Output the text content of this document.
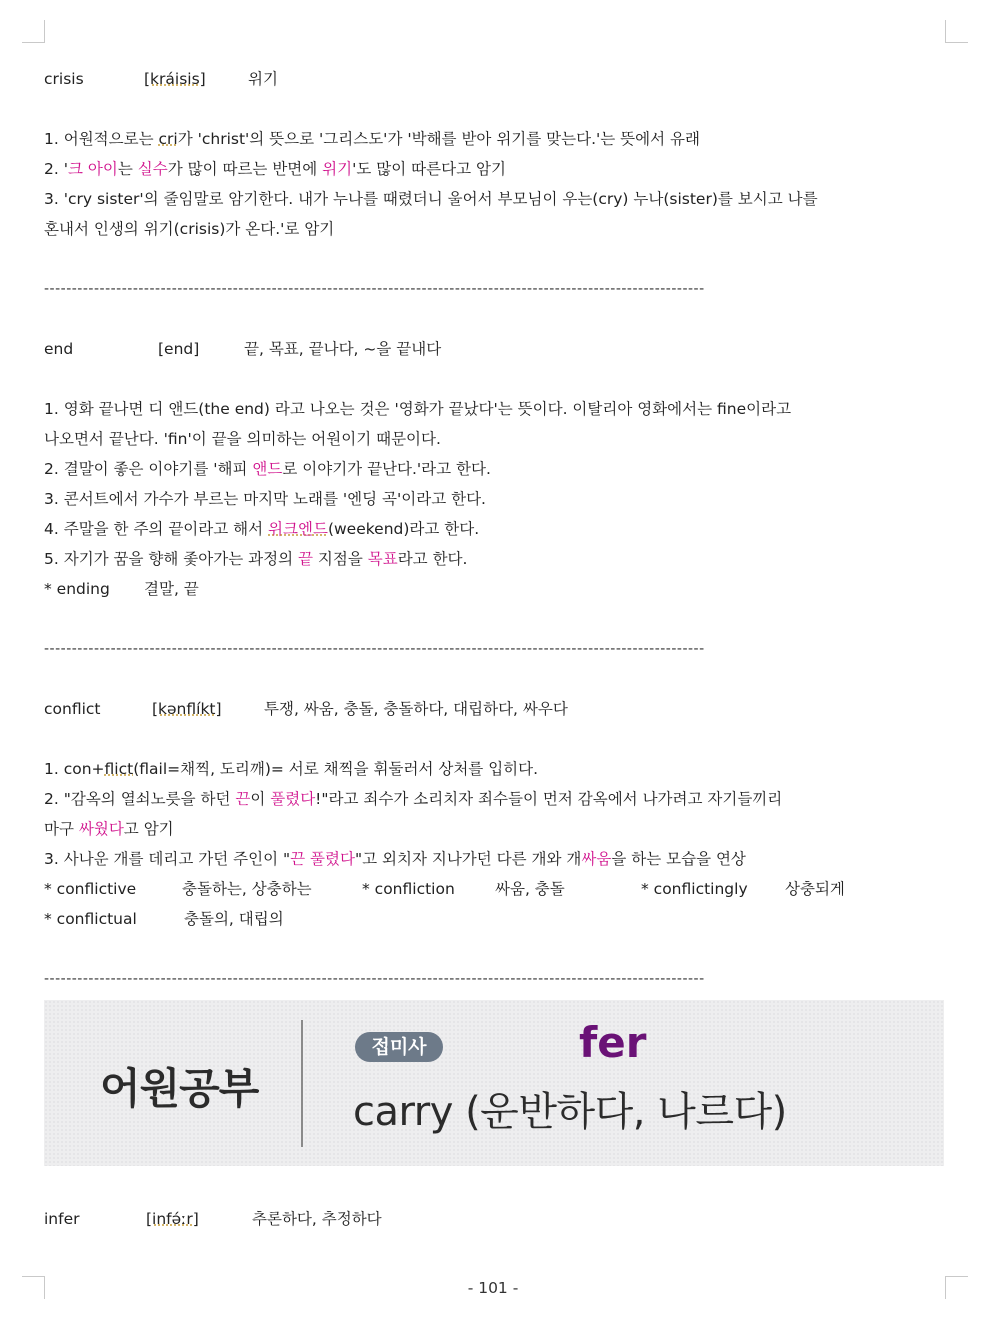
crisis	[kráisis]	위기
1. 어원적으로는 cri가 'christ'의 뜻으로 '그리스도'가 '박해를 받아 위기를 맞는다.'는 뜻에서 유래
2. '크 아이는 실수가 많이 따르는 반면에 위기'도 많이 따른다고 암기
3. 'cry sister'의 줄임말로 암기한다. 내가 누나를 때렸더니 울어서 부모님이 우는(cry) 누나(sister)를 보시고 나를
혼내서 인생의 위기(crisis)가 온다.'로 암기
-----------------------------------------------------------------------------------------------------------------------
end	[end]	끝, 목표, 끝나다, ~을 끝내다
1. 영화 끝나면 디 앤드(the end) 라고 나오는 것은 '영화가 끝났다'는 뜻이다. 이탈리아 영화에서는 fine이라고
나오면서 끝난다. 'fin'이 끝을 의미하는 어원이기 때문이다.
2. 결말이 좋은 이야기를 '해피 앤드로 이야기가 끝난다.'라고 한다.
3. 콘서트에서 가수가 부르는 마지막 노래를 '엔딩 곡'이라고 한다.
4. 주말을 한 주의 끝이라고 해서 위크엔드(weekend)라고 한다.
5. 자기가 꿈을 향해 좇아가는 과정의 끝 지점을 목표라고 한다.
* ending 결말, 끝
-----------------------------------------------------------------------------------------------------------------------
conflict	[kənflíkt]	투쟁, 싸움, 충돌, 충돌하다, 대립하다, 싸우다
1. con+flict(flail=채찍, 도리깨)= 서로 채찍을 휘둘러서 상처를 입히다.
2. "감옥의 열쇠노릇을 하던 끈이 풀렸다!"라고 죄수가 소리치자 죄수들이 먼저 감옥에서 나가려고 자기들끼리
마구 싸웠다고 암기
3. 사나운 개를 데리고 가던 주인이 "끈 풀렸다"고 외치자 지나가던 다른 개와 개싸움을 하는 모습을 연상
* conflictive	충돌하는, 상충하는	* confliction	싸움, 충돌	* conflictingly 상충되게
* conflictual	충돌의, 대립의
-----------------------------------------------------------------------------------------------------------------------
어원공부
접미사	fer
carry (운반하다, 나르다)
infer	[infə́ːr]	추론하다, 추정하다
- 101 -
